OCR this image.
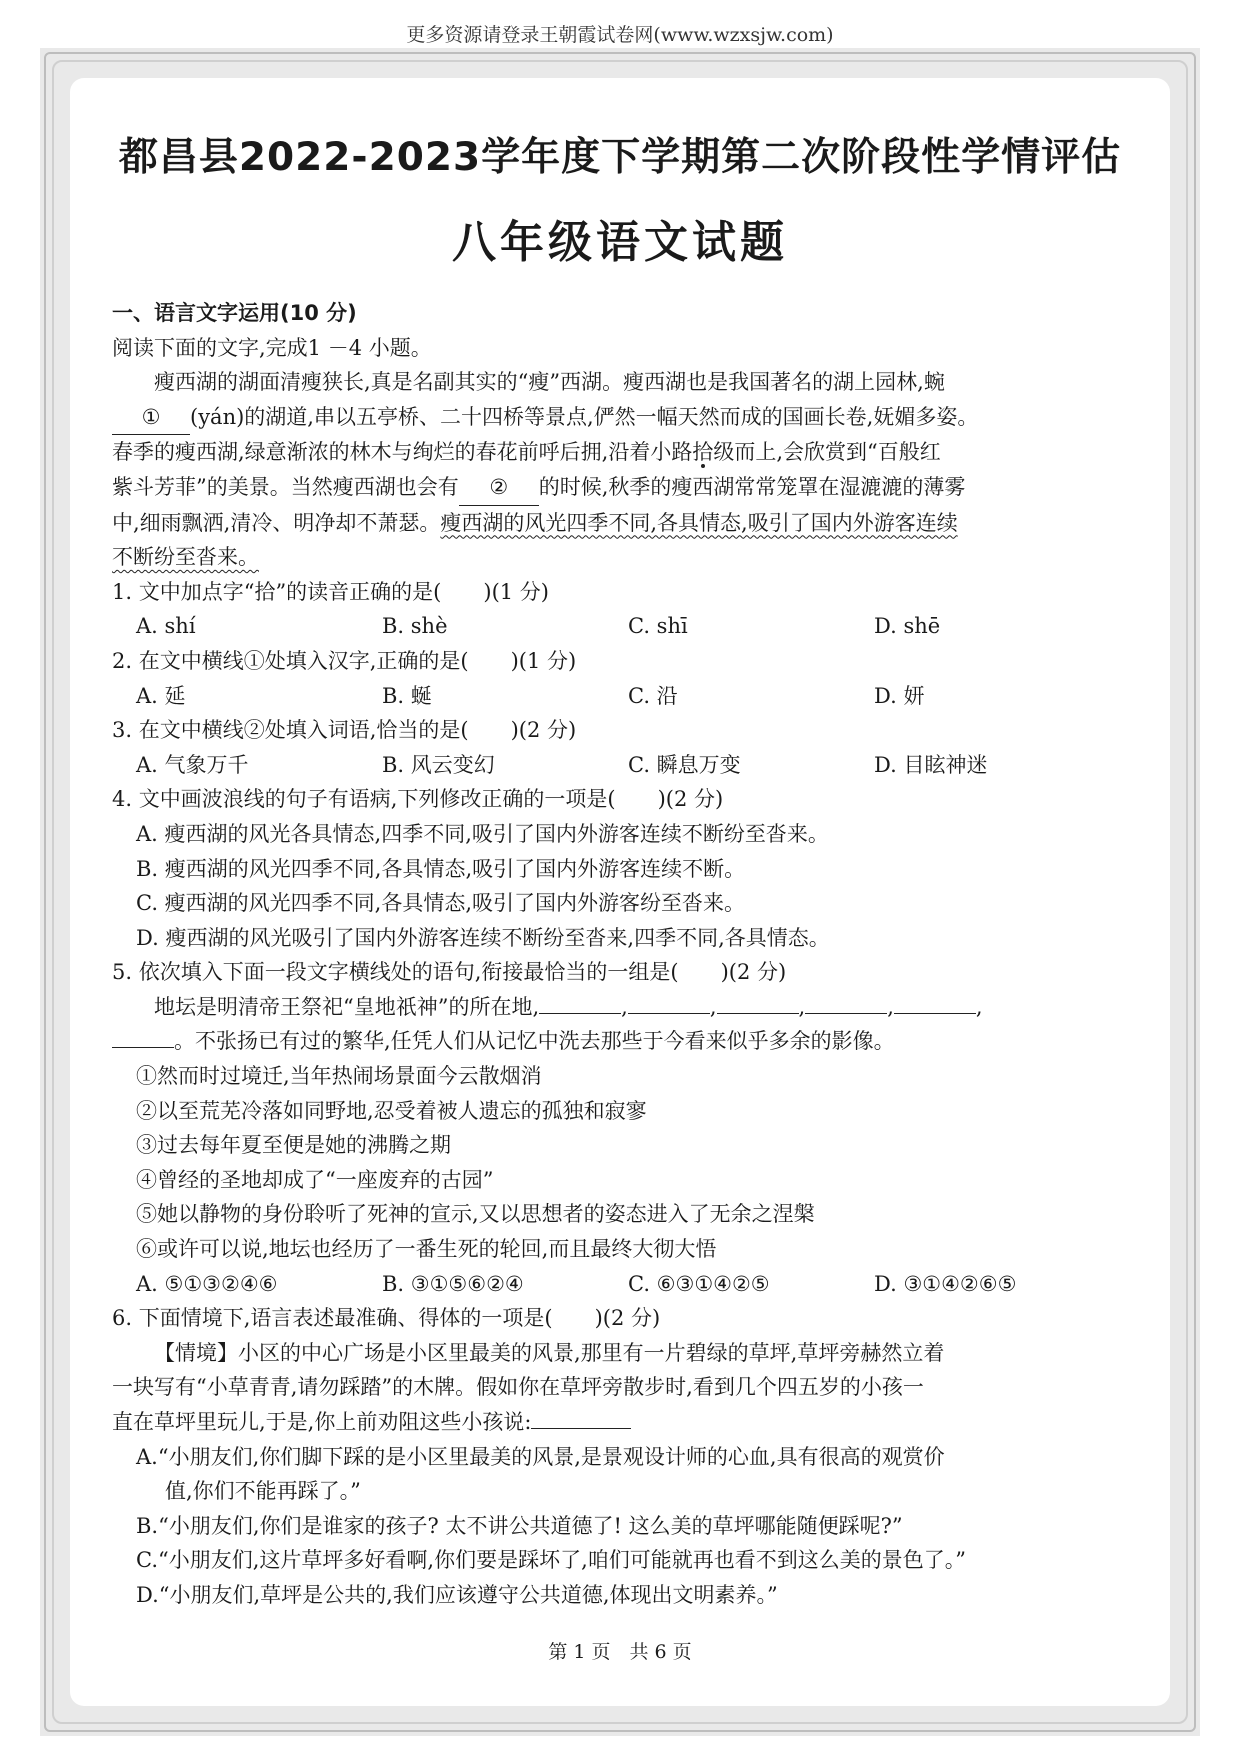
更多资源请登录王朝霞试卷网(www.wzxsjw.com)
都昌县2022-2023学年度下学期第二次阶段性学情评估
八年级语文试题
一、语言文字运用(10 分)
阅读下面的文字,完成1 －4 小题。
瘦西湖的湖面清瘦狭长,真是名副其实的“瘦”西湖。瘦西湖也是我国著名的湖上园林,蜿
① (yán)的湖道,串以五亭桥、二十四桥等景点,俨然一幅天然而成的国画长卷,妩媚多姿。
春季的瘦西湖,绿意渐浓的林木与绚烂的春花前呼后拥,沿着小路拾级而上,会欣赏到“百般红
紫斗芳菲”的美景。当然瘦西湖也会有 ② 的时候,秋季的瘦西湖常常笼罩在湿漉漉的薄雾
中,细雨飘洒,清冷、明净却不萧瑟。瘦西湖的风光四季不同,各具情态,吸引了国内外游客连续
不断纷至沓来。
1. 文中加点字“拾”的读音正确的是(　　)(1 分)
A. shí	B. shè	C. shī	D. shē
2. 在文中横线①处填入汉字,正确的是(　　)(1 分)
A. 延	B. 蜒	C. 沿	D. 妍
3. 在文中横线②处填入词语,恰当的是(　　)(2 分)
A. 气象万千	B. 风云变幻	C. 瞬息万变	D. 目眩神迷
4. 文中画波浪线的句子有语病,下列修改正确的一项是(　　)(2 分)
A. 瘦西湖的风光各具情态,四季不同,吸引了国内外游客连续不断纷至沓来。
B. 瘦西湖的风光四季不同,各具情态,吸引了国内外游客连续不断。
C. 瘦西湖的风光四季不同,各具情态,吸引了国内外游客纷至沓来。
D. 瘦西湖的风光吸引了国内外游客连续不断纷至沓来,四季不同,各具情态。
5. 依次填入下面一段文字横线处的语句,衔接最恰当的一组是(　　)(2 分)
地坛是明清帝王祭祀“皇地祇神”的所在地,	,	,	,	,	,
。不张扬已有过的繁华,任凭人们从记忆中洗去那些于今看来似乎多余的影像。
①然而时过境迁,当年热闹场景面今云散烟消
②以至荒芜冷落如同野地,忍受着被人遗忘的孤独和寂寥
③过去每年夏至便是她的沸腾之期
④曾经的圣地却成了“一座废弃的古园”
⑤她以静物的身份聆听了死神的宣示,又以思想者的姿态进入了无余之涅槃
⑥或许可以说,地坛也经历了一番生死的轮回,而且最终大彻大悟
A. ⑤①③②④⑥	B. ③①⑤⑥②④	C. ⑥③①④②⑤	D. ③①④②⑥⑤
6. 下面情境下,语言表述最准确、得体的一项是(　　)(2 分)
【情境】小区的中心广场是小区里最美的风景,那里有一片碧绿的草坪,草坪旁赫然立着
一块写有“小草青青,请勿踩踏”的木牌。假如你在草坪旁散步时,看到几个四五岁的小孩一
直在草坪里玩儿,于是,你上前劝阻这些小孩说:
A.“小朋友们,你们脚下踩的是小区里最美的风景,是景观设计师的心血,具有很高的观赏价
值,你们不能再踩了。”
B.“小朋友们,你们是谁家的孩子? 太不讲公共道德了! 这么美的草坪哪能随便踩呢?”
C.“小朋友们,这片草坪多好看啊,你们要是踩坏了,咱们可能就再也看不到这么美的景色了。”
D.“小朋友们,草坪是公共的,我们应该遵守公共道德,体现出文明素养。”
第 1 页　共 6 页
